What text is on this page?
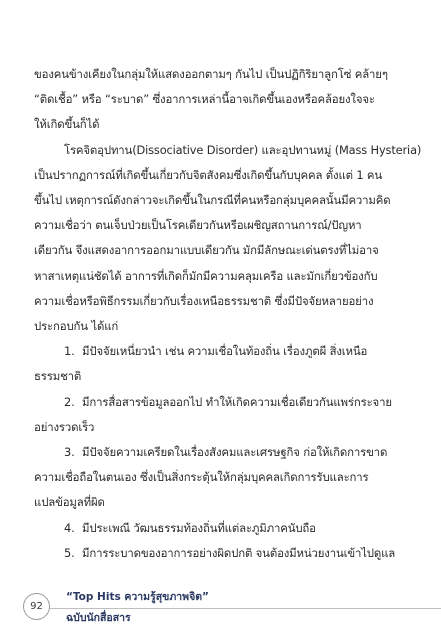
ของคนข้างเคียงในกลุ่มให้แสดงออกตามๆ กันไป เป็นปฏิกิริยาลูกโซ่ คล้ายๆ

“ติดเชื้อ” หรือ “ระบาด” ซึ่งอาการเหล่านี้อาจเกิดขึ้นเองหรือคล้อยงใจจะ

ให้เกิดขึ้นก็ได้

โรคจิตอุปทาน(Dissociative Disorder) และอุปทานหมู่ (Mass Hysteria)

เป็นปรากฏการณ์ที่เกิดขึ้นเกี่ยวกับจิตสังคมซึ่งเกิดขึ้นกับบุคคล ตั้งแต่ 1 คน

ขึ้นไป เหตุการณ์ดังกล่าวจะเกิดขึ้นในกรณีที่คนหรือกลุ่มบุคคลนั้นมีความคิด

ความเชื่อว่า ตนเจ็บป่วยเป็นโรคเดียวกันหรือเผชิญสถานการณ์/ปัญหา

เดียวกัน จึงแสดงอาการออกมาแบบเดียวกัน มักมีลักษณะเด่นตรงที่ไม่อาจ

หาสาเหตุแน่ชัดได้ อาการที่เกิดก็มักมีความคลุมเครือ และมักเกี่ยวข้องกับ

ความเชื่อหรือพิธีกรรมเกี่ยวกับเรื่องเหนือธรรมชาติ ซึ่งมีปัจจัยหลายอย่าง

ประกอบกัน ได้แก่

1. มีปัจจัยเหนี่ยวนำ เช่น ความเชื่อในท้องถิ่น เรื่องภูตผี สิ่งเหนือ

ธรรมชาติ

2. มีการสื่อสารข้อมูลออกไป ทำให้เกิดความเชื่อเดียวกันแพร่กระจาย

อย่างรวดเร็ว

3. มีปัจจัยความเครียดในเรื่องสังคมและเศรษฐกิจ ก่อให้เกิดการขาด

ความเชื่อถือในตนเอง ซึ่งเป็นสิ่งกระตุ้นให้กลุ่มบุคคลเกิดการรับและการ

แปลข้อมูลที่ผิด

4. มีประเพณี วัฒนธรรมท้องถิ่นที่แต่ละภูมิภาคนับถือ

5. มีการระบาดของอาการอย่างผิดปกติ จนต้องมีหน่วยงานเข้าไปดูแล

92
“Top Hits ความรู้สุขภาพจิต”
ฉบับนักสื่อสาร
